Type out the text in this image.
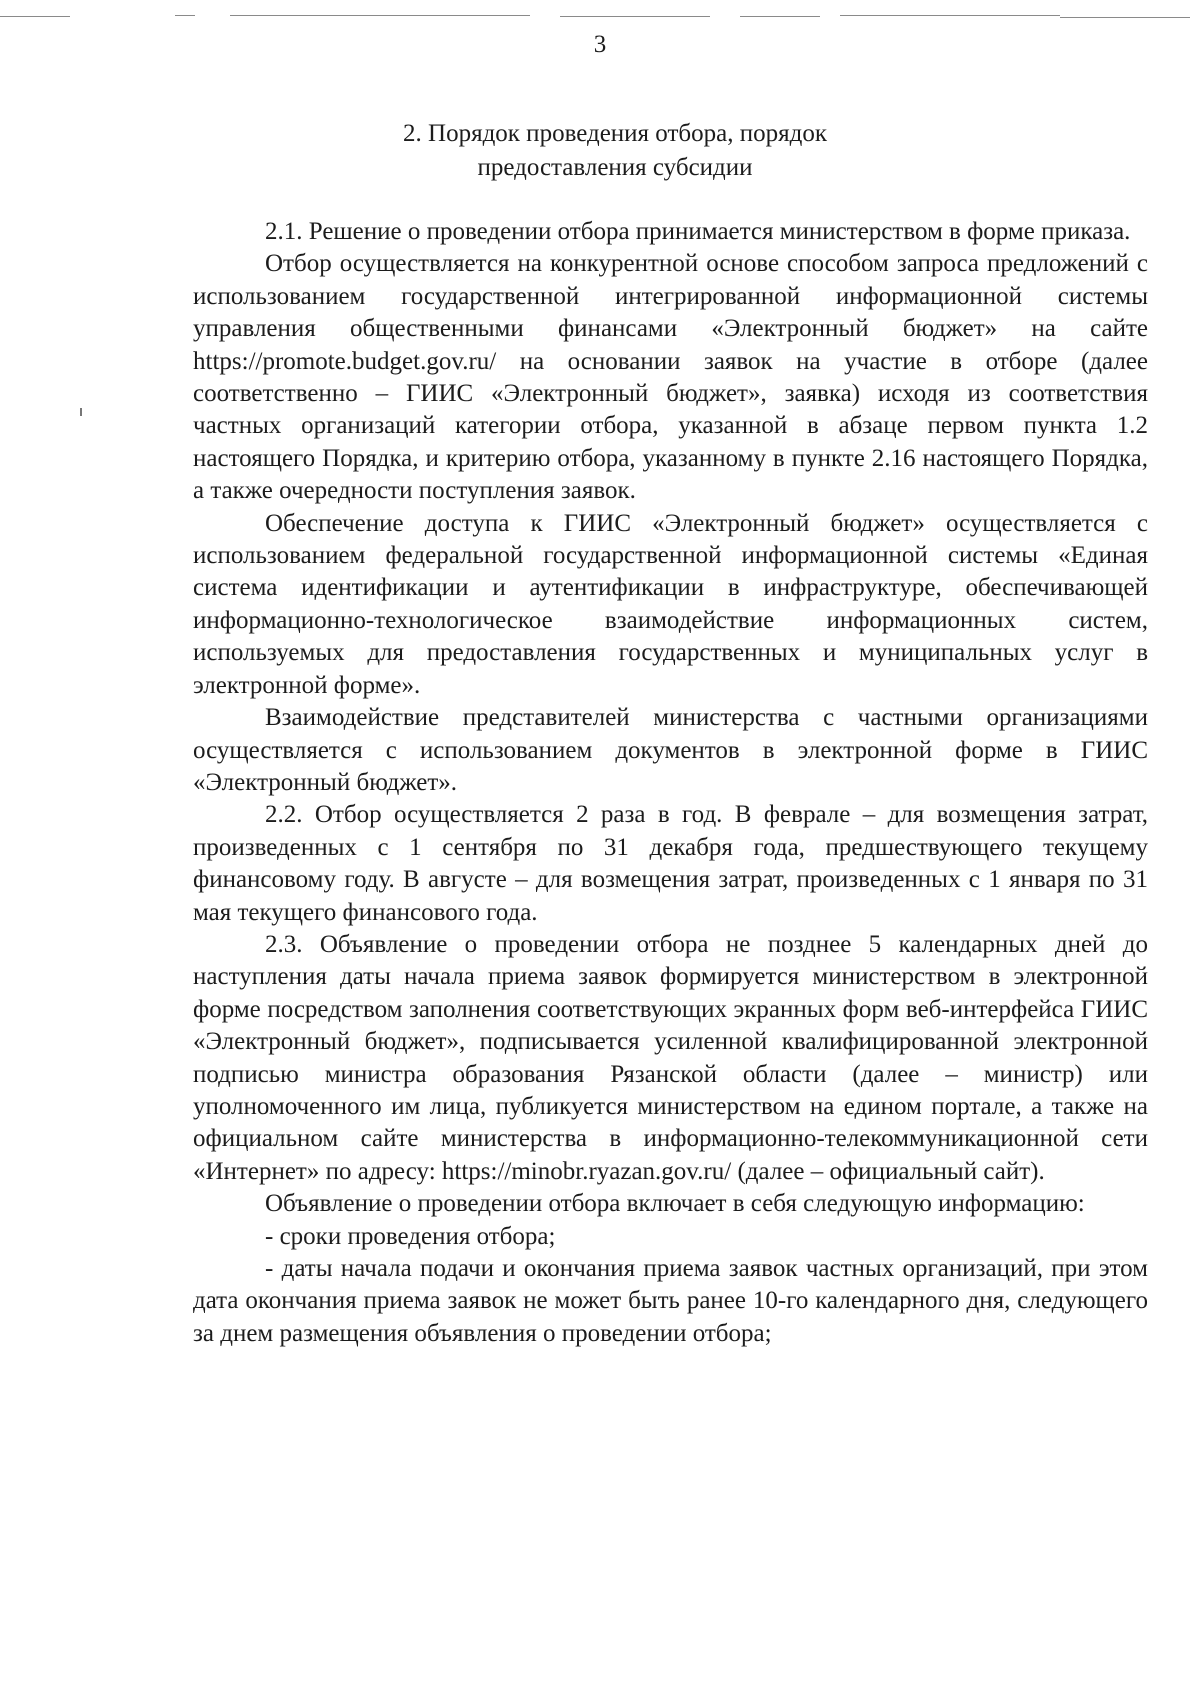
3
2. Порядок проведения отбора, порядок
предоставления субсидии

2.1. Решение о проведении отбора принимается министерством в форме приказа.

Отбор осуществляется на конкурентной основе способом запроса предложений с использованием государственной интегрированной информационной системы управления общественными финансами «Электронный бюджет» на сайте https://promote.budget.gov.ru/ на основании заявок на участие в отборе (далее соответственно – ГИИС «Электронный бюджет», заявка) исходя из соответствия частных организаций категории отбора, указанной в абзаце первом пункта 1.2 настоящего Порядка, и критерию отбора, указанному в пункте 2.16 настоящего Порядка, а также очередности поступления заявок.

Обеспечение доступа к ГИИС «Электронный бюджет» осуществляется с использованием федеральной государственной информационной системы «Единая система идентификации и аутентификации в инфраструктуре, обеспечивающей информационно-технологическое взаимодействие информационных систем, используемых для предоставления государственных и муниципальных услуг в электронной форме».

Взаимодействие представителей министерства с частными организациями осуществляется с использованием документов в электронной форме в ГИИС «Электронный бюджет».

2.2. Отбор осуществляется 2 раза в год. В феврале – для возмещения затрат, произведенных с 1 сентября по 31 декабря года, предшествующего текущему финансовому году. В августе – для возмещения затрат, произведенных с 1 января по 31 мая текущего финансового года.

2.3. Объявление о проведении отбора не позднее 5 календарных дней до наступления даты начала приема заявок формируется министерством в электронной форме посредством заполнения соответствующих экранных форм веб-интерфейса ГИИС «Электронный бюджет», подписывается усиленной квалифицированной электронной подписью министра образования Рязанской области (далее – министр) или уполномоченного им лица, публикуется министерством на едином портале, а также на официальном сайте министерства в информационно-телекоммуникационной сети «Интернет» по адресу: https://minobr.ryazan.gov.ru/ (далее – официальный сайт).

Объявление о проведении отбора включает в себя следующую информацию:

- сроки проведения отбора;

- даты начала подачи и окончания приема заявок частных организаций, при этом дата окончания приема заявок не может быть ранее 10-го календарного дня, следующего за днем размещения объявления о проведении отбора;
